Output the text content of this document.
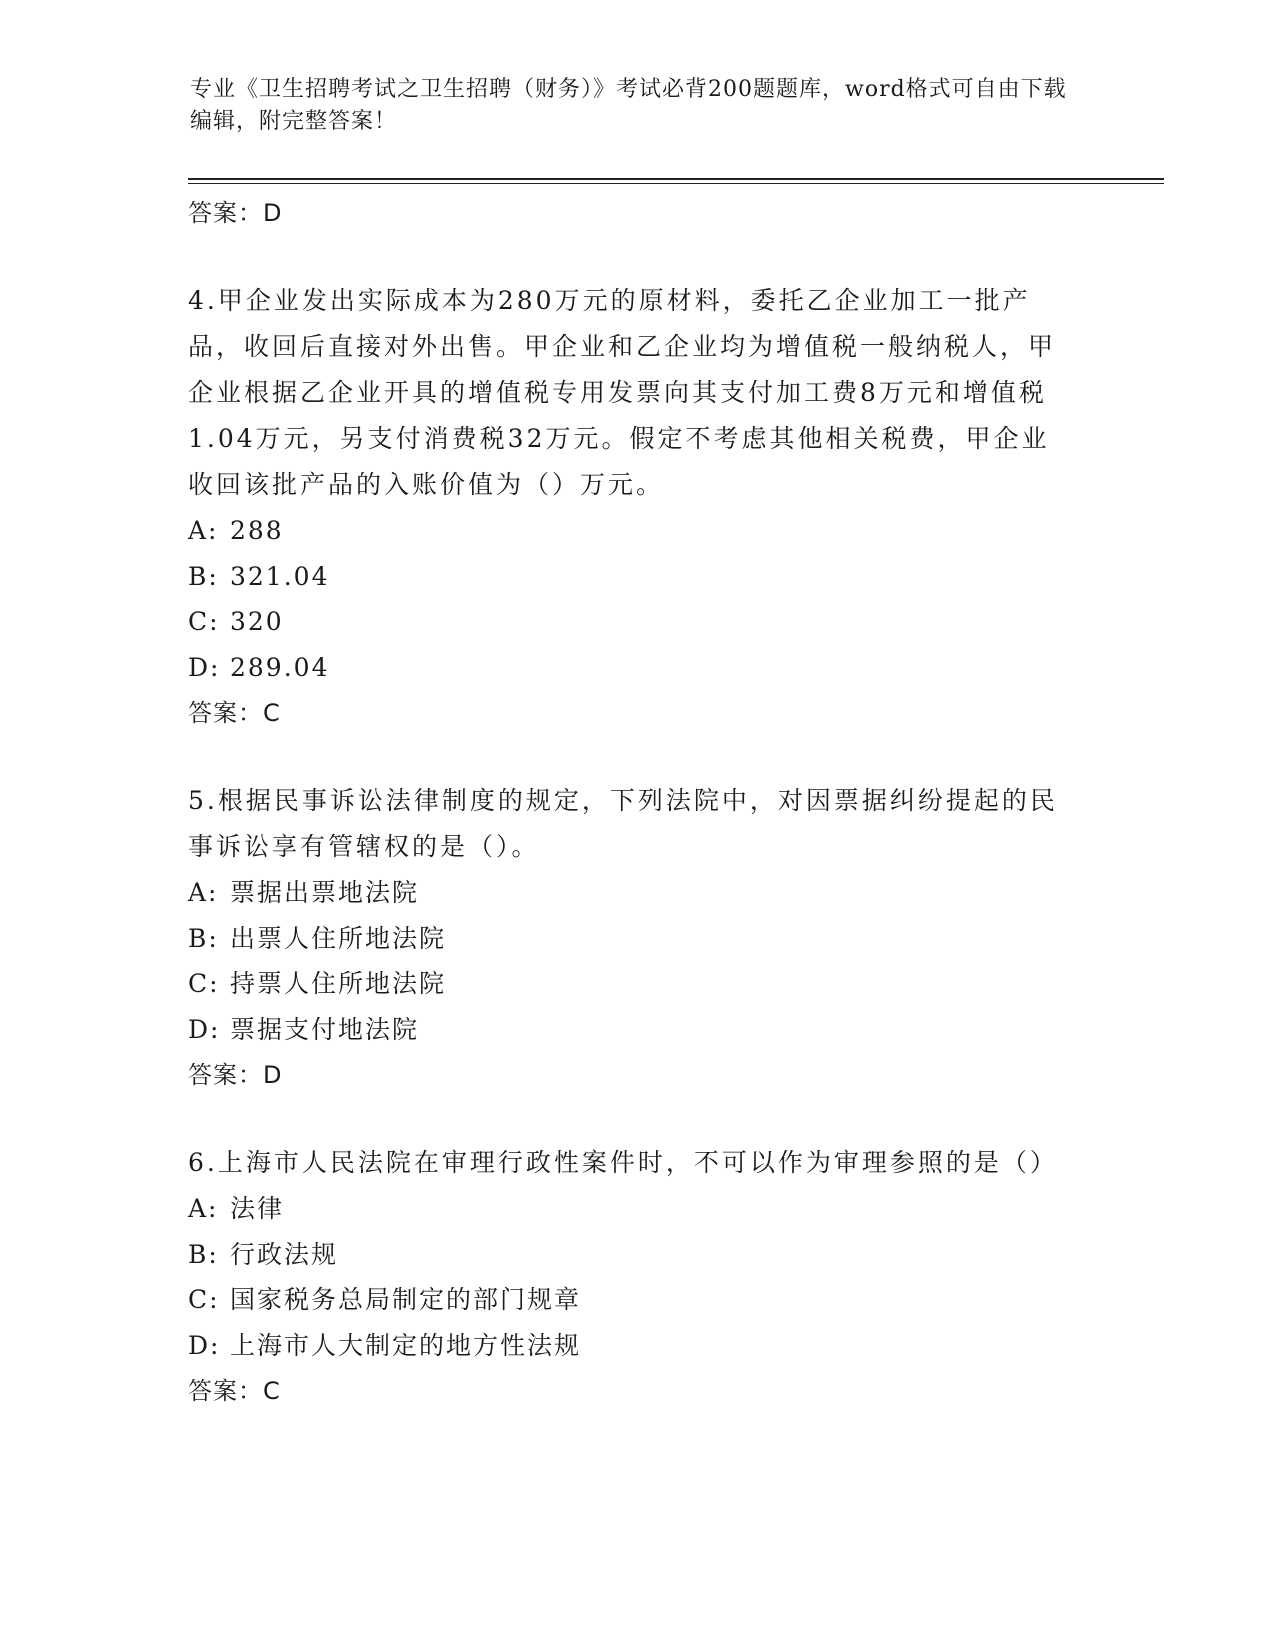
专业《卫生招聘考试之卫生招聘（财务）》考试必背200题题库，word格式可自由下载编辑，附完整答案！
答案：D
4.甲企业发出实际成本为280万元的原材料，委托乙企业加工一批产品，收回后直接对外出售。甲企业和乙企业均为增值税一般纳税人，甲企业根据乙企业开具的增值税专用发票向其支付加工费8万元和增值税1.04万元，另支付消费税32万元。假定不考虑其他相关税费，甲企业收回该批产品的入账价值为（）万元。
A: 288
B: 321.04
C: 320
D: 289.04
答案：C
5.根据民事诉讼法律制度的规定，下列法院中，对因票据纠纷提起的民事诉讼享有管辖权的是（）。
A: 票据出票地法院
B: 出票人住所地法院
C: 持票人住所地法院
D: 票据支付地法院
答案：D
6.上海市人民法院在审理行政性案件时，不可以作为审理参照的是（）
A: 法律
B: 行政法规
C: 国家税务总局制定的部门规章
D: 上海市人大制定的地方性法规
答案：C
